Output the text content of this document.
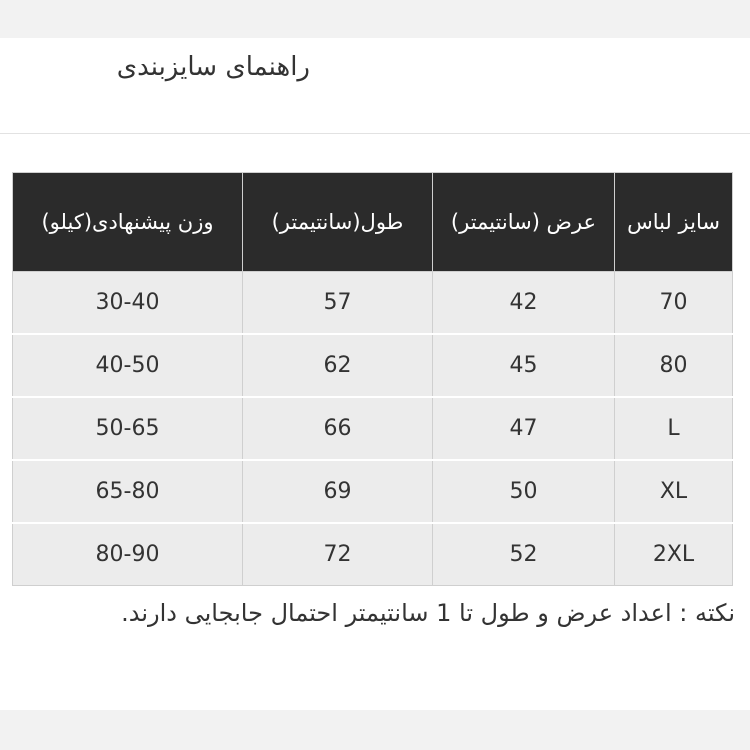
راهنمای سایزبندی
سایز لباس	عرض (سانتیمتر)	طول(سانتیمتر)	وزن پیشنهادی(کیلو)
70	42	57	30-40
80	45	62	40-50
L	47	66	50-65
XL	50	69	65-80
2XL	52	72	80-90
نکته : اعداد عرض و طول تا 1 سانتیمتر احتمال جابجایی دارند.
